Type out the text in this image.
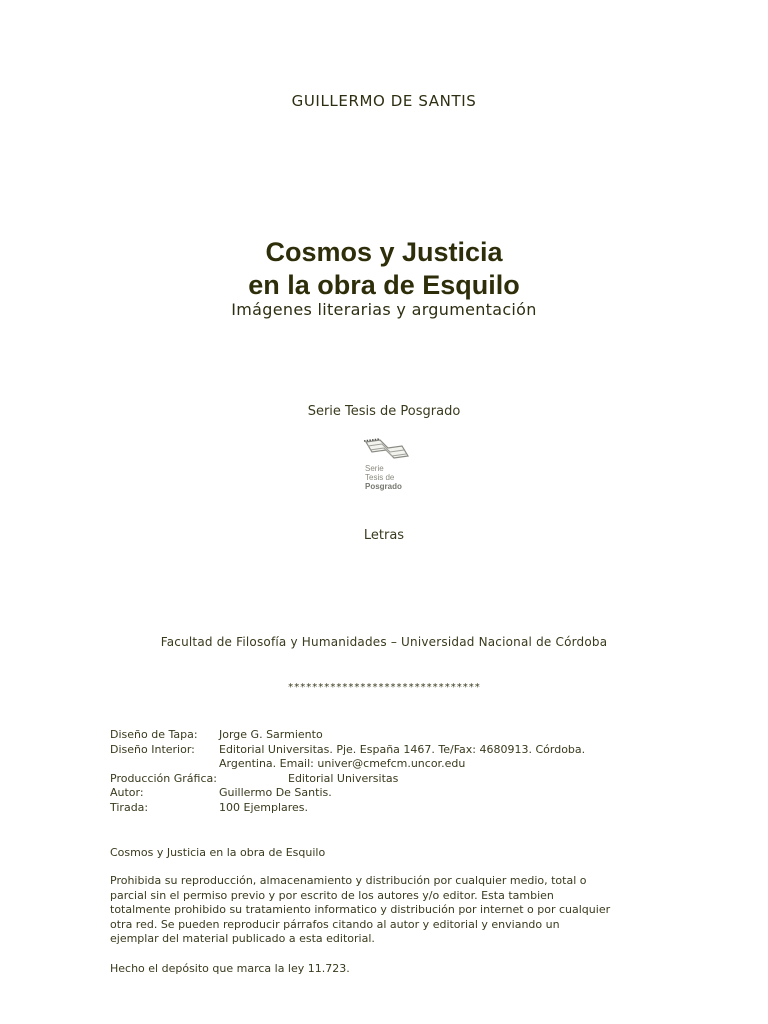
GUILLERMO DE SANTIS
Cosmos y Justicia
en la obra de Esquilo
Imágenes literarias y argumentación
Serie Tesis de Posgrado
Serie
Tesis de
Posgrado
Letras
Facultad de Filosofía y Humanidades – Universidad Nacional de Córdoba
********************************
Diseño de Tapa: Jorge G. Sarmiento
Diseño Interior: Editorial Universitas. Pje. España 1467. Te/Fax: 4680913. Córdoba.
Argentina. Email: univer@cmefcm.uncor.edu
Producción Gráfica:	Editorial Universitas
Autor:	Guillermo De Santis.
Tirada:	100 Ejemplares.
Cosmos y Justicia en la obra de Esquilo
Prohibida su reproducción, almacenamiento y distribución por cualquier medio, total o
parcial sin el permiso previo y por escrito de los autores y/o editor. Esta tambien
totalmente prohibido su tratamiento informatico y distribución por internet o por cualquier
otra red. Se pueden reproducir párrafos citando al autor y editorial y enviando un
ejemplar del material publicado a esta editorial.
Hecho el depósito que marca la ley 11.723.
